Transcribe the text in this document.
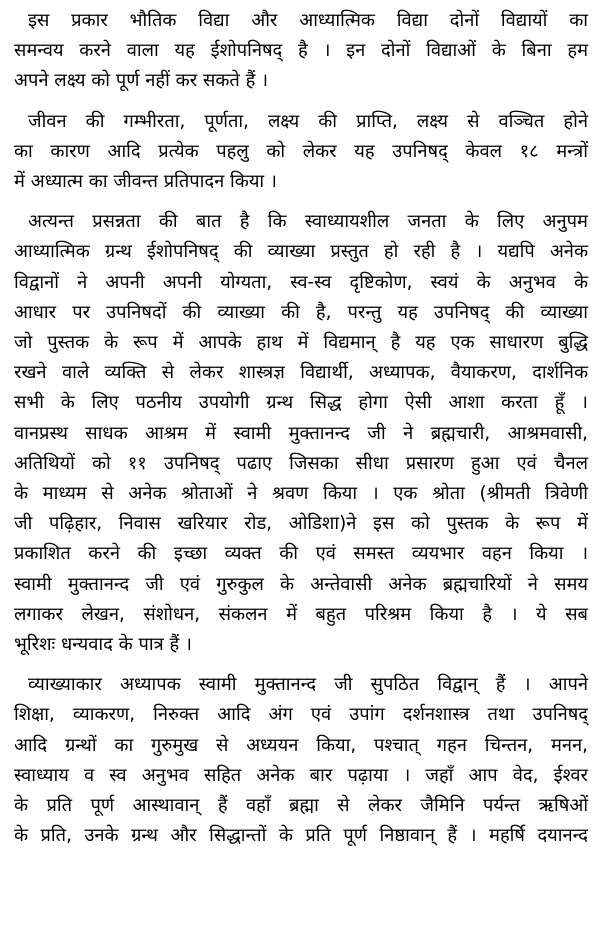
इस प्रकार भौतिक विद्या और आध्यात्मिक विद्या दोनों विद्यायों का
समन्वय करने वाला यह ईशोपनिषद् है । इन दोनों विद्याओं के बिना हम
अपने लक्ष्य को पूर्ण नहीं कर सकते हैं ।
जीवन की गम्भीरता, पूर्णता, लक्ष्य की प्राप्ति, लक्ष्य से वञ्चित होने
का कारण आदि प्रत्येक पहलु को लेकर यह उपनिषद् केवल १८ मन्त्रों
में अध्यात्म का जीवन्त प्रतिपादन किया ।
अत्यन्त प्रसन्नता की बात है कि स्वाध्यायशील जनता के लिए अनुपम
आध्यात्मिक ग्रन्थ ईशोपनिषद् की व्याख्या प्रस्तुत हो रही है । यद्यपि अनेक
विद्वानों ने अपनी अपनी योग्यता, स्व-स्व दृष्टिकोण, स्वयं के अनुभव के
आधार पर उपनिषदों की व्याख्या की है, परन्तु यह उपनिषद् की व्याख्या
जो पुस्तक के रूप में आपके हाथ में विद्यमान् है यह एक साधारण बुद्धि
रखने वाले व्यक्ति से लेकर शास्त्रज्ञ विद्यार्थी, अध्यापक, वैयाकरण, दार्शनिक
सभी के लिए पठनीय उपयोगी ग्रन्थ सिद्ध होगा ऐसी आशा करता हूँ ।
वानप्रस्थ साधक आश्रम में स्वामी मुक्तानन्द जी ने ब्रह्मचारी, आश्रमवासी,
अतिथियों को ११ उपनिषद् पढाए जिसका सीधा प्रसारण हुआ एवं चैनल
के माध्यम से अनेक श्रोताओं ने श्रवण किया । एक श्रोता (श्रीमती त्रिवेणी
जी पढ़िहार, निवास खरियार रोड, ओडिशा)ने इस को पुस्तक के रूप में
प्रकाशित करने की इच्छा व्यक्त की एवं समस्त व्ययभार वहन किया ।
स्वामी मुक्तानन्द जी एवं गुरुकुल के अन्तेवासी अनेक ब्रह्मचारियों ने समय
लगाकर लेखन, संशोधन, संकलन में बहुत परिश्रम किया है । ये सब
भूरिशः धन्यवाद के पात्र हैं ।
व्याख्याकार अध्यापक स्वामी मुक्तानन्द जी सुपठित विद्वान् हैं । आपने
शिक्षा, व्याकरण, निरुक्त आदि अंग एवं उपांग दर्शनशास्त्र तथा उपनिषद्
आदि ग्रन्थों का गुरुमुख से अध्ययन किया, पश्चात् गहन चिन्तन, मनन,
स्वाध्याय व स्व अनुभव सहित अनेक बार पढ़ाया । जहाँ आप वेद, ईश्वर
के प्रति पूर्ण आस्थावान् हैं वहाँ ब्रह्मा से लेकर जैमिनि पर्यन्त ऋषिओं
के प्रति, उनके ग्रन्थ और सिद्धान्तों के प्रति पूर्ण निष्ठावान् हैं । महर्षि दयानन्द
